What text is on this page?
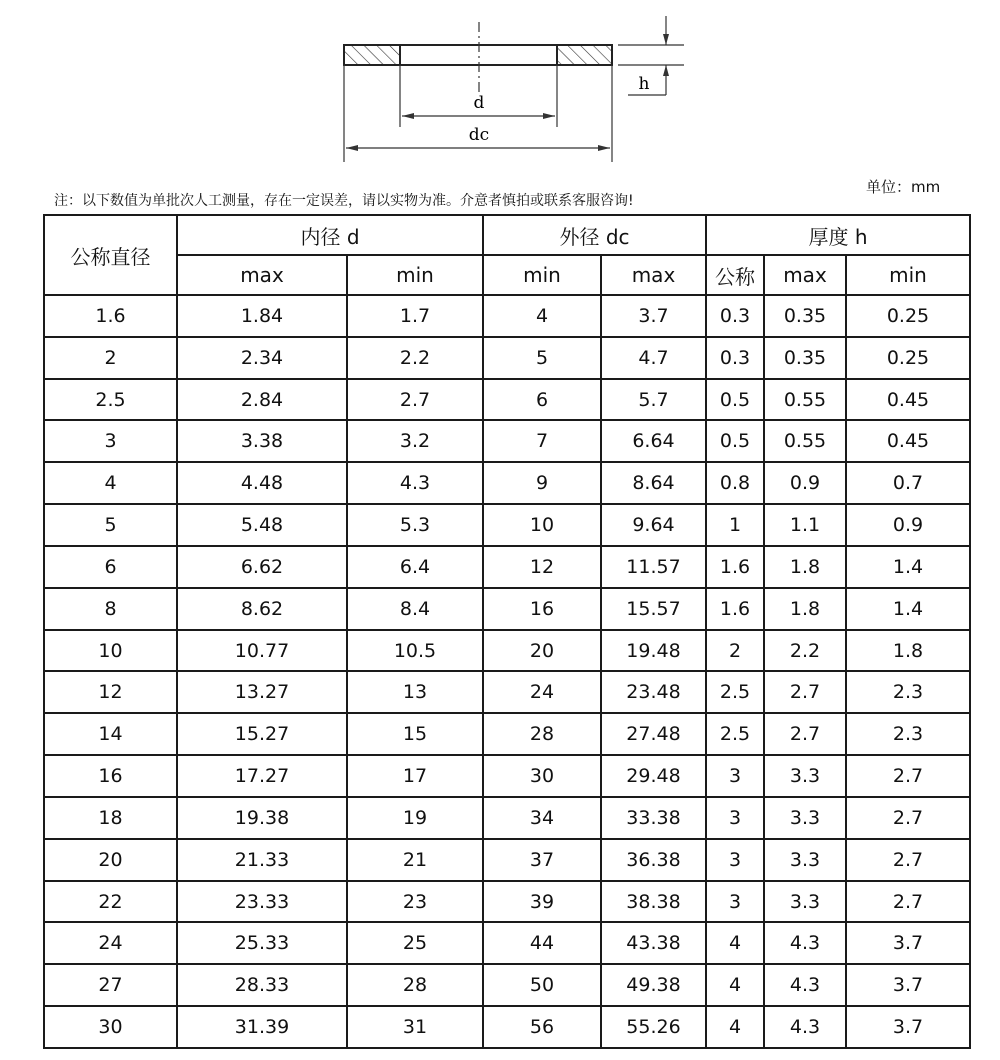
d
dc
h
单位：mm
注：以下数值为单批次人工测量，存在一定误差，请以实物为准。介意者慎拍或联系客服咨询!
公称直径	内径 d		外径 dc		厚度 h		
	max	min	min	max	公称	max	min
1.6	1.84	1.7	4	3.7	0.3	0.35	0.25
2	2.34	2.2	5	4.7	0.3	0.35	0.25
2.5	2.84	2.7	6	5.7	0.5	0.55	0.45
3	3.38	3.2	7	6.64	0.5	0.55	0.45
4	4.48	4.3	9	8.64	0.8	0.9	0.7
5	5.48	5.3	10	9.64	1	1.1	0.9
6	6.62	6.4	12	11.57	1.6	1.8	1.4
8	8.62	8.4	16	15.57	1.6	1.8	1.4
10	10.77	10.5	20	19.48	2	2.2	1.8
12	13.27	13	24	23.48	2.5	2.7	2.3
14	15.27	15	28	27.48	2.5	2.7	2.3
16	17.27	17	30	29.48	3	3.3	2.7
18	19.38	19	34	33.38	3	3.3	2.7
20	21.33	21	37	36.38	3	3.3	2.7
22	23.33	23	39	38.38	3	3.3	2.7
24	25.33	25	44	43.38	4	4.3	3.7
27	28.33	28	50	49.38	4	4.3	3.7
30	31.39	31	56	55.26	4	4.3	3.7
